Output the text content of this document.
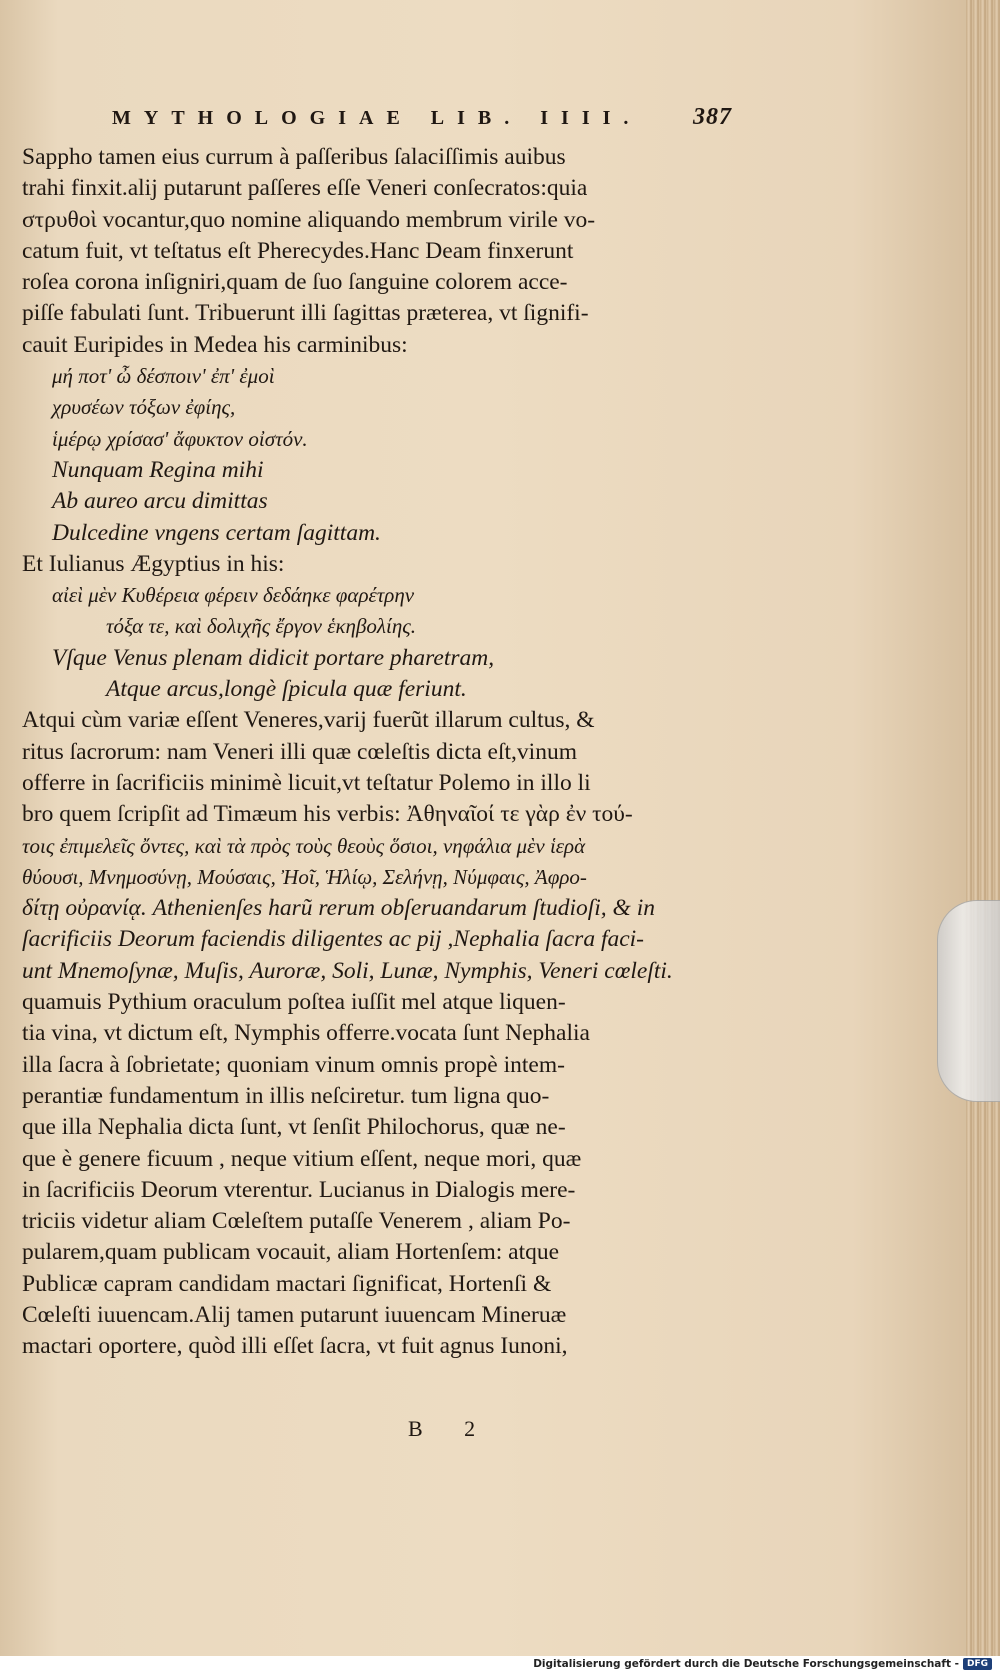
MYTHOLOGIAE LIB. IIII. 387
Sappho tamen eius currum à paſſeribus ſalaciſſimis auibus
trahi finxit.alij putarunt paſſeres eſſe Veneri conſecratos:quia
στρυθοὶ vocantur,quo nomine aliquando membrum virile vo-
catum fuit, vt teſtatus eſt Pherecydes.Hanc Deam finxerunt
roſea corona inſigniri,quam de ſuo ſanguine colorem acce-
piſſe fabulati ſunt. Tribuerunt illi ſagittas præterea, vt ſignifi-
cauit Euripides in Medea his carminibus:
μή ποτ' ὦ δέσποιν' ἐπ' ἐμοὶ
χρυσέων τόξων ἐφίης,
ἱμέρῳ χρίσασ' ἄφυκτον οἰστόν.
Nunquam Regina mihi
Ab aureo arcu dimittas
Dulcedine vngens certam ſagittam.
Et Iulianus Ægyptius in his:
αἰεὶ μὲν Κυθέρεια φέρειν δεδάηκε φαρέτρην
τόξα τε, καὶ δολιχῆς ἔργον ἑκηβολίης.
Vſque Venus plenam didicit portare pharetram,
Atque arcus,longè ſpicula quæ feriunt.
Atqui cùm variæ eſſent Veneres,varij fuerũt illarum cultus, &
ritus ſacrorum: nam Veneri illi quæ cœleſtis dicta eſt,vinum
offerre in ſacrificiis minimè licuit,vt teſtatur Polemo in illo li
bro quem ſcripſit ad Timæum his verbis: Ἀθηναῖοί τε γὰρ ἐν τού-
τοις ἐπιμελεῖς ὄντες, καὶ τὰ πρὸς τοὺς θεοὺς ὅσιοι, νηφάλια μὲν ἱερὰ
θύουσι, Μνημοσύνῃ, Μούσαις, Ἠοῖ, Ἡλίῳ, Σελήνῃ, Νύμφαις, Ἀφρο-
δίτῃ οὐρανίᾳ. Athenienſes harũ rerum obſeruandarum ſtudioſi, & in
ſacrificiis Deorum faciendis diligentes ac pij ,Nephalia ſacra faci-
unt Mnemoſynæ, Muſis, Auroræ, Soli, Lunæ, Nymphis, Veneri cœleſti.
quamuis Pythium oraculum poſtea iuſſit mel atque liquen-
tia vina, vt dictum eſt, Nymphis offerre.vocata ſunt Nephalia
illa ſacra à ſobrietate; quoniam vinum omnis propè intem-
perantiæ fundamentum in illis neſciretur. tum ligna quo-
que illa Nephalia dicta ſunt, vt ſenſit Philochorus, quæ ne-
que è genere ficuum , neque vitium eſſent, neque mori, quæ
in ſacrificiis Deorum vterentur. Lucianus in Dialogis mere-
triciis videtur aliam Cœleſtem putaſſe Venerem , aliam Po-
pularem,quam publicam vocauit, aliam Hortenſem: atque
Publicæ capram candidam mactari ſignificat, Hortenſi &
Cœleſti iuuencam.Alij tamen putarunt iuuencam Mineruæ
mactari oportere, quòd illi eſſet ſacra, vt fuit agnus Iunoni,
B 2
Digitalisierung gefördert durch die Deutsche Forschungsgemeinschaft - DFG
